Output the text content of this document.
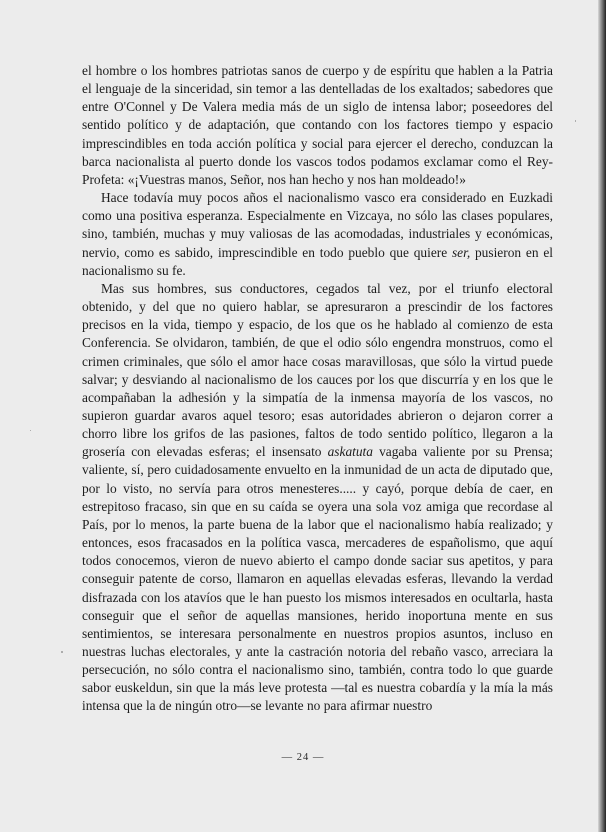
el hombre o los hombres patriotas sanos de cuerpo y de espíritu que hablen a la Patria el lenguaje de la sinceridad, sin temor a las dentelladas de los exaltados; sabedores que entre O'Connel y De Valera media más de un siglo de intensa labor; poseedores del sentido político y de adaptación, que contando con los factores tiempo y espacio imprescindibles en toda acción política y social para ejercer el derecho, conduzcan la barca nacionalista al puerto donde los vascos todos podamos exclamar como el Rey-Profeta: «¡Vuestras manos, Señor, nos han hecho y nos han moldeado!»

Hace todavía muy pocos años el nacionalismo vasco era considerado en Euzkadi como una positiva esperanza. Especialmente en Vizcaya, no sólo las clases populares, sino, también, muchas y muy valiosas de las acomodadas, industriales y económicas, nervio, como es sabido, imprescindible en todo pueblo que quiere ser, pusieron en el nacionalismo su fe.

Mas sus hombres, sus conductores, cegados tal vez, por el triunfo electoral obtenido, y del que no quiero hablar, se apresuraron a prescindir de los factores precisos en la vida, tiempo y espacio, de los que os he hablado al comienzo de esta Conferencia. Se olvidaron, también, de que el odio sólo engendra monstruos, como el crimen criminales, que sólo el amor hace cosas maravillosas, que sólo la virtud puede salvar; y desviando al nacionalismo de los cauces por los que discurría y en los que le acompañaban la adhesión y la simpatía de la inmensa mayoría de los vascos, no supieron guardar avaros aquel tesoro; esas autoridades abrieron o dejaron correr a chorro libre los grifos de las pasiones, faltos de todo sentido político, llegaron a la grosería con elevadas esferas; el insensato askatuta vagaba valiente por su Prensa; valiente, sí, pero cuidadosamente envuelto en la inmunidad de un acta de diputado que, por lo visto, no servía para otros menesteres..... y cayó, porque debía de caer, en estrepitoso fracaso, sin que en su caída se oyera una sola voz amiga que recordase al País, por lo menos, la parte buena de la labor que el nacionalismo había realizado; y entonces, esos fracasados en la política vasca, mercaderes de españolismo, que aquí todos conocemos, vieron de nuevo abierto el campo donde saciar sus apetitos, y para conseguir patente de corso, llamaron en aquellas elevadas esferas, llevando la verdad disfrazada con los atavíos que le han puesto los mismos interesados en ocultarla, hasta conseguir que el señor de aquellas mansiones, herido inoportuna mente en sus sentimientos, se interesara personalmente en nuestros propios asuntos, incluso en nuestras luchas electorales, y ante la castración notoria del rebaño vasco, arreciara la persecución, no sólo contra el nacionalismo sino, también, contra todo lo que guarde sabor euskeldun, sin que la más leve protesta —tal es nuestra cobardía y la mía la más intensa que la de ningún otro—se levante no para afirmar nuestro

— 24 —
